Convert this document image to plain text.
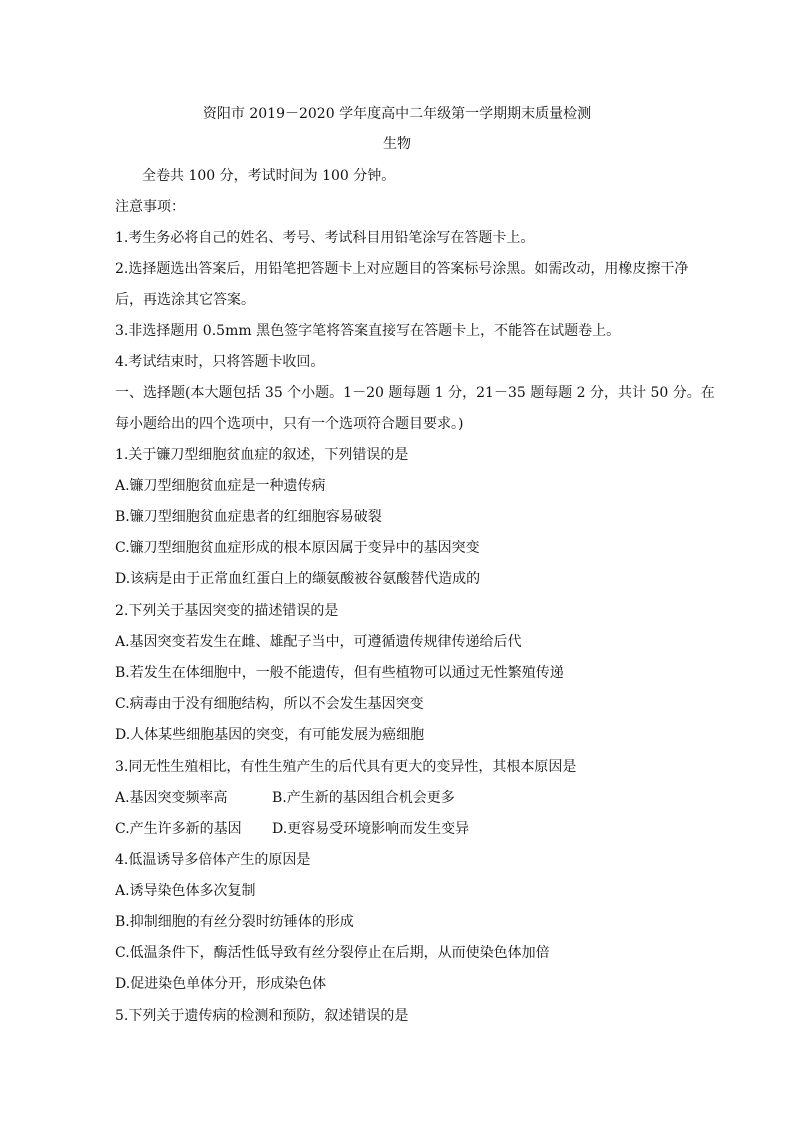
资阳市 2019－2020 学年度高中二年级第一学期期末质量检测
生物
全卷共 100 分，考试时间为 100 分钟。
注意事项：
1.考生务必将自己的姓名、考号、考试科目用铅笔涂写在答题卡上。
2.选择题选出答案后，用铅笔把答题卡上对应题目的答案标号涂黑。如需改动，用橡皮擦干净
后，再选涂其它答案。
3.非选择题用 0.5mm 黑色签字笔将答案直接写在答题卡上，不能答在试题卷上。
4.考试结束时，只将答题卡收回。
一、选择题(本大题包括 35 个小题。1－20 题每题 1 分，21－35 题每题 2 分，共计 50 分。在
每小题给出的四个选项中，只有一个选项符合题目要求。)
1.关于镰刀型细胞贫血症的叙述，下列错误的是
A.镰刀型细胞贫血症是一种遗传病
B.镰刀型细胞贫血症患者的红细胞容易破裂
C.镰刀型细胞贫血症形成的根本原因属于变异中的基因突变
D.该病是由于正常血红蛋白上的缬氨酸被谷氨酸替代造成的
2.下列关于基因突变的描述错误的是
A.基因突变若发生在雌、雄配子当中，可遵循遗传规律传递给后代
B.若发生在体细胞中，一般不能遗传，但有些植物可以通过无性繁殖传递
C.病毒由于没有细胞结构，所以不会发生基因突变
D.人体某些细胞基因的突变，有可能发展为癌细胞
3.同无性生殖相比，有性生殖产生的后代具有更大的变异性，其根本原因是
A.基因突变频率高	B.产生新的基因组合机会更多
C.产生许多新的基因 D.更容易受环境影响而发生变异
4.低温诱导多倍体产生的原因是
A.诱导染色体多次复制
B.抑制细胞的有丝分裂时纺锤体的形成
C.低温条件下，酶活性低导致有丝分裂停止在后期，从而使染色体加倍
D.促进染色单体分开，形成染色体
5.下列关于遗传病的检测和预防，叙述错误的是
